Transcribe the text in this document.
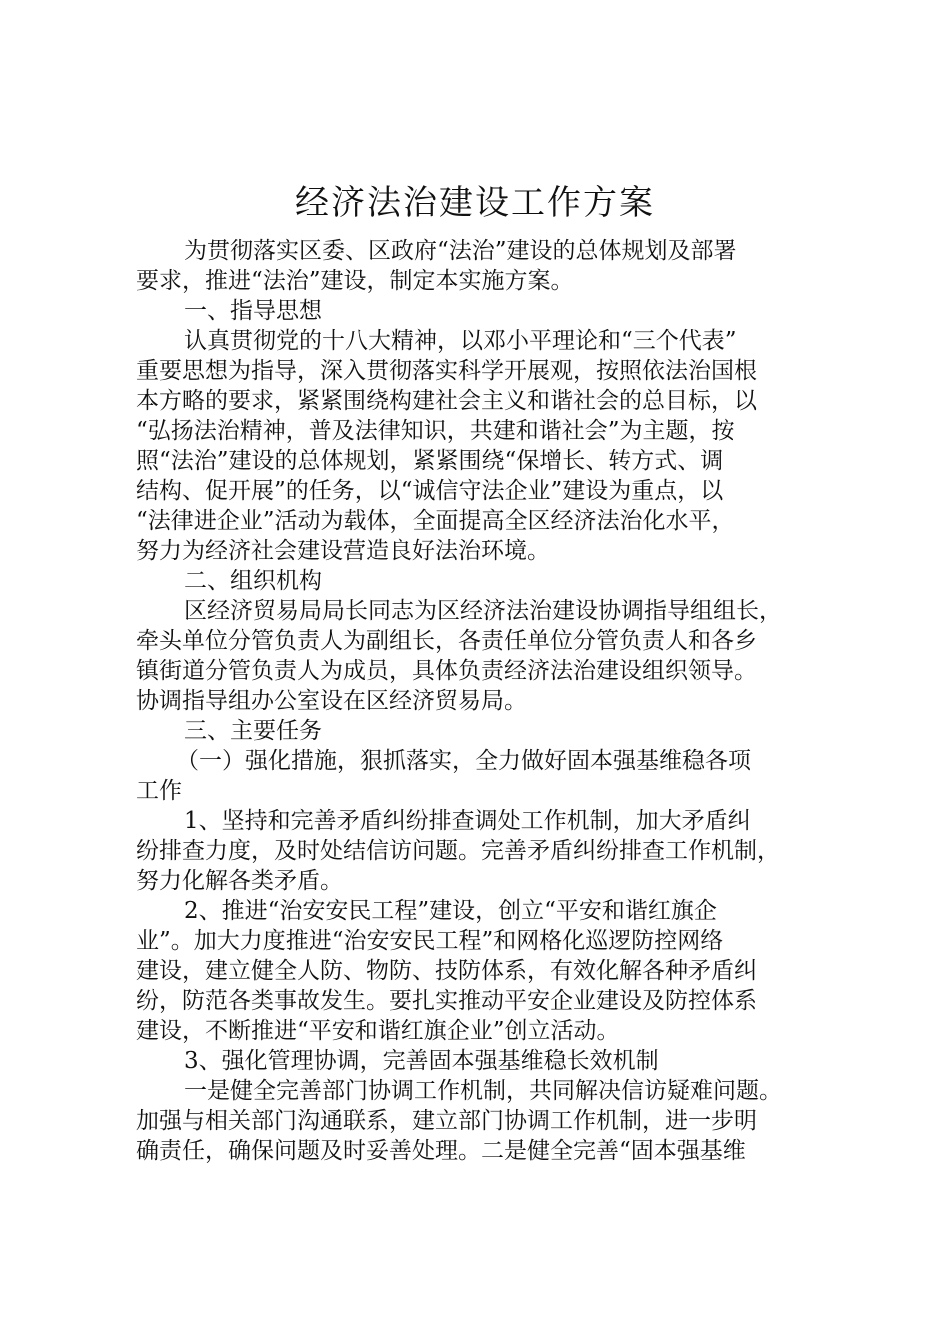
经济法治建设工作方案
为贯彻落实区委、区政府“法治”建设的总体规划及部署
要求，推进“法治”建设，制定本实施方案。
一、指导思想
认真贯彻党的十八大精神，以邓小平理论和“三个代表”
重要思想为指导，深入贯彻落实科学开展观，按照依法治国根
本方略的要求，紧紧围绕构建社会主义和谐社会的总目标，以
“弘扬法治精神，普及法律知识，共建和谐社会”为主题，按
照“法治”建设的总体规划，紧紧围绕“保增长、转方式、调
结构、促开展”的任务，以“诚信守法企业”建设为重点，以
“法律进企业”活动为载体，全面提高全区经济法治化水平，
努力为经济社会建设营造良好法治环境。
二、组织机构
区经济贸易局局长同志为区经济法治建设协调指导组组长，
牵头单位分管负责人为副组长，各责任单位分管负责人和各乡
镇街道分管负责人为成员，具体负责经济法治建设组织领导。
协调指导组办公室设在区经济贸易局。
三、主要任务
（一）强化措施，狠抓落实，全力做好固本强基维稳各项
工作
1、坚持和完善矛盾纠纷排查调处工作机制，加大矛盾纠
纷排查力度，及时处结信访问题。完善矛盾纠纷排查工作机制，
努力化解各类矛盾。
2、推进“治安安民工程”建设，创立“平安和谐红旗企
业”。加大力度推进“治安安民工程”和网格化巡逻防控网络
建设，建立健全人防、物防、技防体系，有效化解各种矛盾纠
纷，防范各类事故发生。要扎实推动平安企业建设及防控体系
建设，不断推进“平安和谐红旗企业”创立活动。
3、强化管理协调，完善固本强基维稳长效机制
一是健全完善部门协调工作机制，共同解决信访疑难问题。
加强与相关部门沟通联系，建立部门协调工作机制，进一步明
确责任，确保问题及时妥善处理。二是健全完善“固本强基维
